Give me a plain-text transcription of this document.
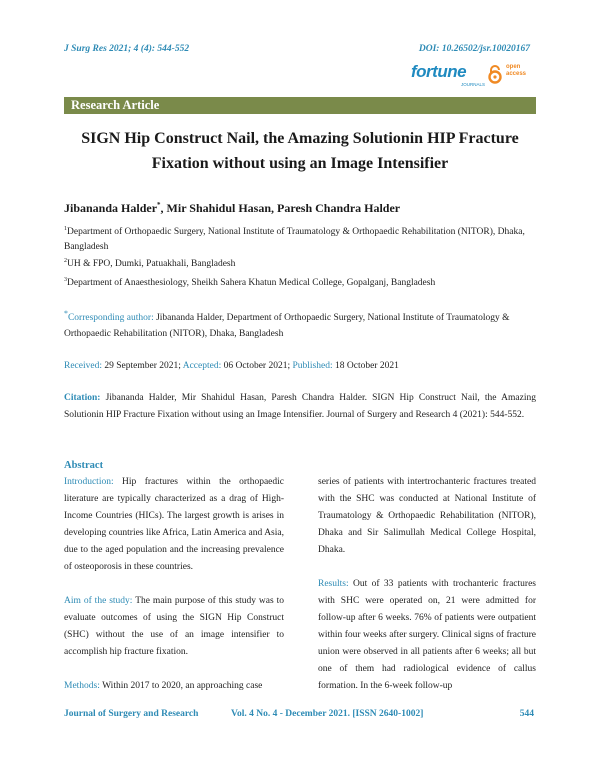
J Surg Res 2021; 4 (4): 544-552	DOI: 10.26502/jsr.10020167
fortune
JOURNALS
open access
Research Article
SIGN Hip Construct Nail, the Amazing Solutionin HIP Fracture Fixation without using an Image Intensifier
Jibananda Halder*, Mir Shahidul Hasan, Paresh Chandra Halder
$^1$Department of Orthopaedic Surgery, National Institute of Traumatology & Orthopaedic Rehabilitation (NITOR), Dhaka, Bangladesh
$^2$UH & FPO, Dumki, Patuakhali, Bangladesh
$^3$Department of Anaesthesiology, Sheikh Sahera Khatun Medical College, Gopalganj, Bangladesh
*Corresponding author: Jibananda Halder, Department of Orthopaedic Surgery, National Institute of Traumatology & Orthopaedic Rehabilitation (NITOR), Dhaka, Bangladesh
Received: 29 September 2021; Accepted: 06 October 2021; Published: 18 October 2021
Citation: Jibananda Halder, Mir Shahidul Hasan, Paresh Chandra Halder. SIGN Hip Construct Nail, the Amazing Solutionin HIP Fracture Fixation without using an Image Intensifier. Journal of Surgery and Research 4 (2021): 544-552.
Abstract
Introduction: Hip fractures within the orthopaedic literature are typically characterized as a drag of High-Income Countries (HICs). The largest growth is arises in developing countries like Africa, Latin America and Asia, due to the aged population and the increasing prevalence of osteoporosis in these countries.
Aim of the study: The main purpose of this study was to evaluate outcomes of using the SIGN Hip Construct (SHC) without the use of an image intensifier to accomplish hip fracture fixation.
Methods: Within 2017 to 2020, an approaching case
series of patients with intertrochanteric fractures treated with the SHC was conducted at National Institute of Traumatology & Orthopaedic Rehabilitation (NITOR), Dhaka and Sir Salimullah Medical College Hospital, Dhaka.
Results: Out of 33 patients with trochanteric fractures with SHC were operated on, 21 were admitted for follow-up after 6 weeks. 76% of patients were outpatient within four weeks after surgery. Clinical signs of fracture union were observed in all patients after 6 weeks; all but one of them had radiological evidence of callus formation. In the 6-week follow-up
Journal of Surgery and Research	Vol. 4 No. 4 - December 2021. [ISSN 2640-1002]	544
